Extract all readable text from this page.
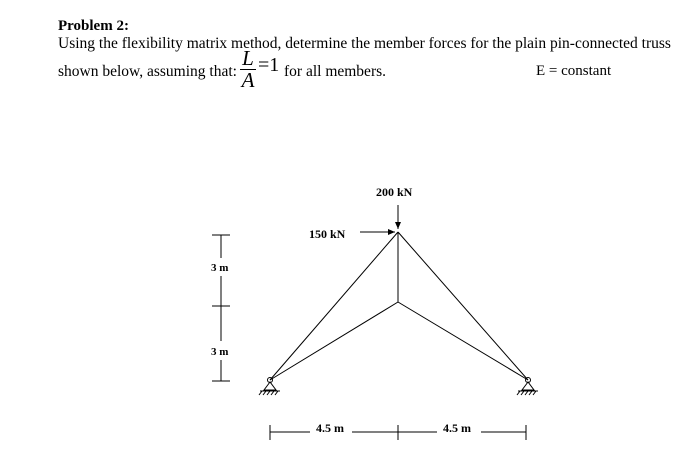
Problem 2:
Using the flexibility matrix method, determine the member forces for the plain pin-connected truss
shown below, assuming that:
L
A
=1 for all members.	E = constant
200 kN
150 kN
3 m
3 m
4.5 m	4.5 m
